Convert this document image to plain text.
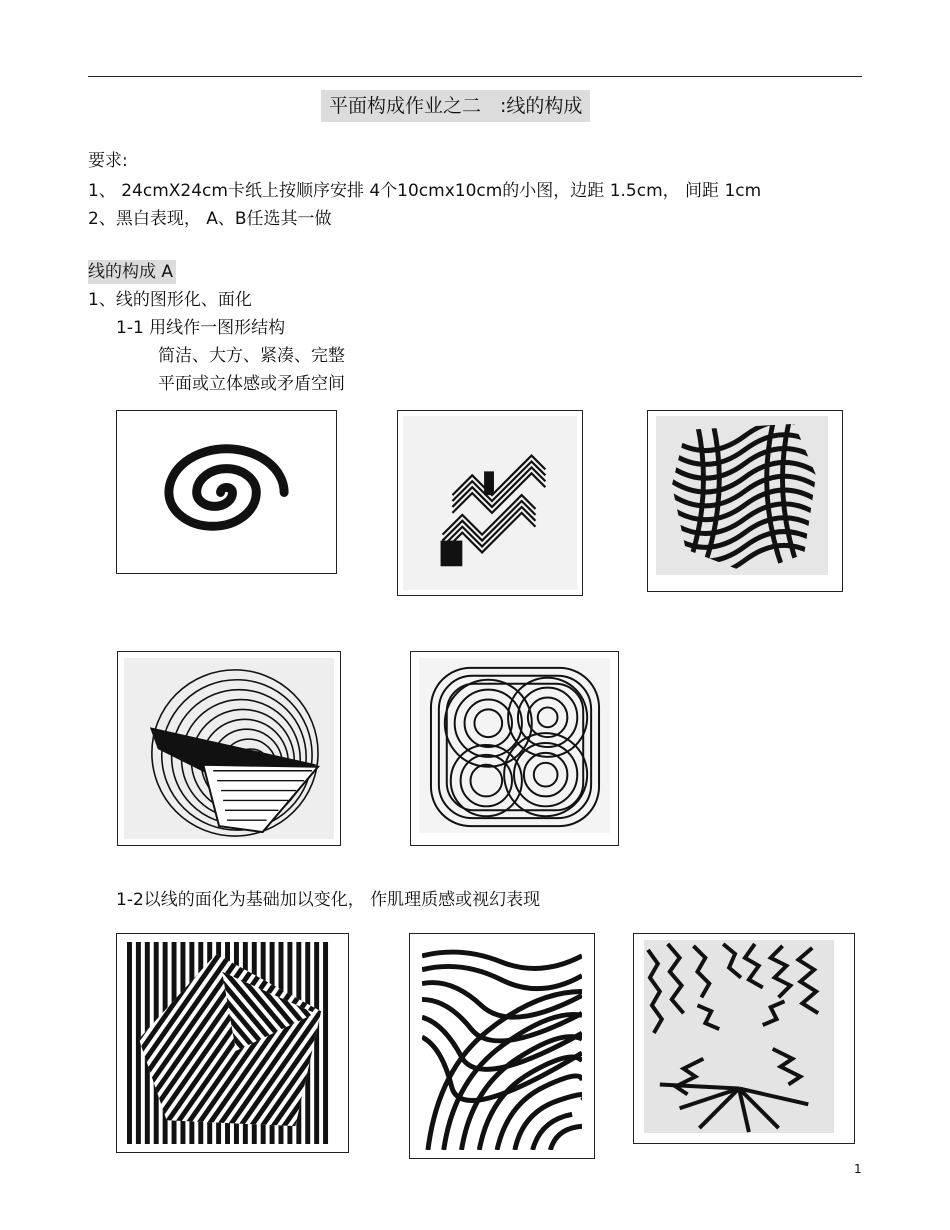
平面构成作业之二　:线的构成
要求:
1、 24cmX24cm卡纸上按顺序安排 4个10cmx10cm的小图，边距 1.5cm， 间距 1cm
2、黑白表现， A、B任选其一做
线的构成 A
1、线的图形化、面化
1-1 用线作一图形结构
简洁、大方、紧凑、完整
平面或立体感或矛盾空间
1-2以线的面化为基础加以变化， 作肌理质感或视幻表现
1
